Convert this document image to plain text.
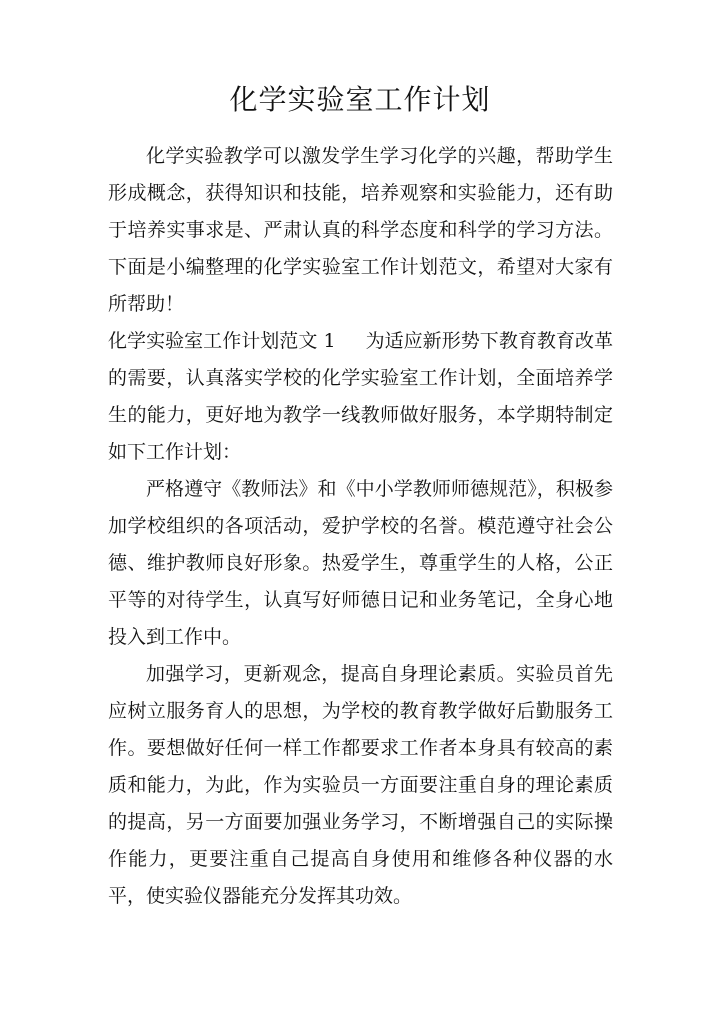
化学实验室工作计划

化学实验教学可以激发学生学习化学的兴趣，帮助学生形成概念，获得知识和技能，培养观察和实验能力，还有助于培养实事求是、严肃认真的科学态度和科学的学习方法。下面是小编整理的化学实验室工作计划范文，希望对大家有所帮助！

化学实验室工作计划范文 1 为适应新形势下教育教育改革的需要，认真落实学校的化学实验室工作计划，全面培养学生的能力，更好地为教学一线教师做好服务，本学期特制定如下工作计划：

严格遵守《教师法》和《中小学教师师德规范》，积极参加学校组织的各项活动，爱护学校的名誉。模范遵守社会公德、维护教师良好形象。热爱学生，尊重学生的人格，公正平等的对待学生，认真写好师德日记和业务笔记，全身心地投入到工作中。

加强学习，更新观念，提高自身理论素质。实验员首先应树立服务育人的思想，为学校的教育教学做好后勤服务工作。要想做好任何一样工作都要求工作者本身具有较高的素质和能力，为此，作为实验员一方面要注重自身的理论素质的提高，另一方面要加强业务学习，不断增强自己的实际操作能力，更要注重自己提高自身使用和维修各种仪器的水平，使实验仪器能充分发挥其功效。
